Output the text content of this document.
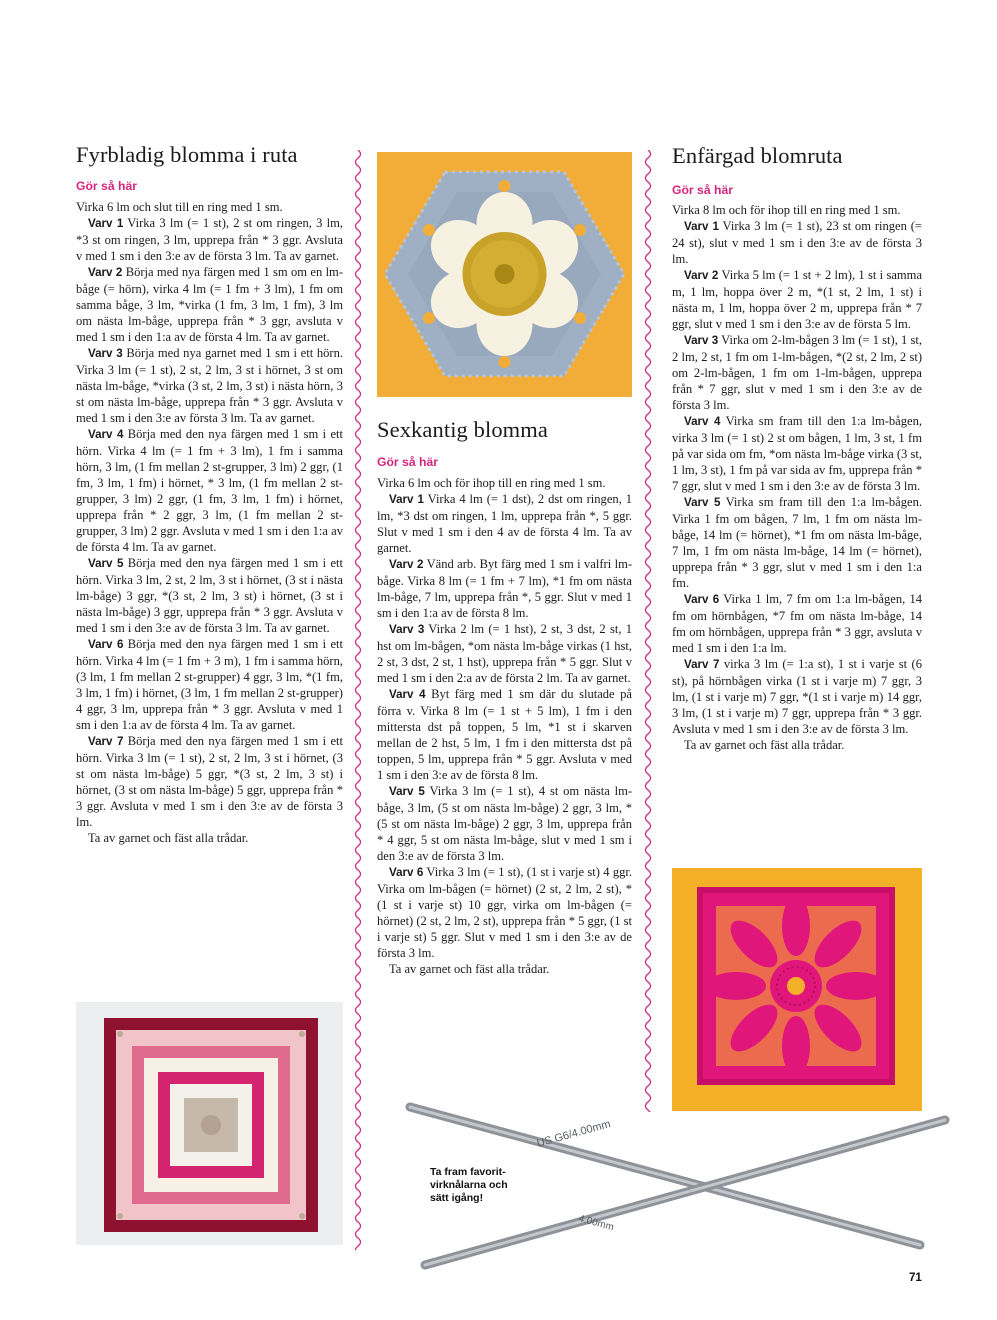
Fyrbladig blomma i ruta

Gör så här

Virka 6 lm och slut till en ring med 1 sm.

Varv 1 Virka 3 lm (= 1 st), 2 st om ringen, 3 lm, *3 st om ringen, 3 lm, upprepa från * 3 ggr. Avsluta v med 1 sm i den 3:e av de första 3 lm. Ta av garnet.

Varv 2 Börja med nya färgen med 1 sm om en lm-båge (= hörn), virka 4 lm (= 1 fm + 3 lm), 1 fm om samma båge, 3 lm, *virka (1 fm, 3 lm, 1 fm), 3 lm om nästa lm-båge, upprepa från * 3 ggr, avsluta v med 1 sm i den 1:a av de första 4 lm. Ta av garnet.

Varv 3 Börja med nya garnet med 1 sm i ett hörn. Virka 3 lm (= 1 st), 2 st, 2 lm, 3 st i hörnet, 3 st om nästa lm-båge, *virka (3 st, 2 lm, 3 st) i nästa hörn, 3 st om nästa lm-båge, upprepa från * 3 ggr. Avsluta v med 1 sm i den 3:e av första 3 lm. Ta av garnet.

Varv 4 Börja med den nya färgen med 1 sm i ett hörn. Virka 4 lm (= 1 fm + 3 lm), 1 fm i samma hörn, 3 lm, (1 fm mellan 2 st-grupper, 3 lm) 2 ggr, (1 fm, 3 lm, 1 fm) i hörnet, * 3 lm, (1 fm mellan 2 st-grupper, 3 lm) 2 ggr, (1 fm, 3 lm, 1 fm) i hörnet, upprepa från * 2 ggr, 3 lm, (1 fm mellan 2 st-grupper, 3 lm) 2 ggr. Avsluta v med 1 sm i den 1:a av de första 4 lm. Ta av garnet.

Varv 5 Börja med den nya färgen med 1 sm i ett hörn. Virka 3 lm, 2 st, 2 lm, 3 st i hörnet, (3 st i nästa lm-båge) 3 ggr, *(3 st, 2 lm, 3 st) i hörnet, (3 st i nästa lm-båge) 3 ggr, upprepa från * 3 ggr. Avsluta v med 1 sm i den 3:e av de första 3 lm. Ta av garnet.

Varv 6 Börja med den nya färgen med 1 sm i ett hörn. Virka 4 lm (= 1 fm + 3 m), 1 fm i samma hörn, (3 lm, 1 fm mellan 2 st-grupper) 4 ggr, 3 lm, *(1 fm, 3 lm, 1 fm) i hörnet, (3 lm, 1 fm mellan 2 st-grupper) 4 ggr, 3 lm, upprepa från * 3 ggr. Avsluta v med 1 sm i den 1:a av de första 4 lm. Ta av garnet.

Varv 7 Börja med den nya färgen med 1 sm i ett hörn. Virka 3 lm (= 1 st), 2 st, 2 lm, 3 st i hörnet, (3 st om nästa lm-båge) 5 ggr, *(3 st, 2 lm, 3 st) i hörnet, (3 st om nästa lm-båge) 5 ggr, upprepa från * 3 ggr. Avsluta v med 1 sm i den 3:e av de första 3 lm.

Ta av garnet och fäst alla trådar.

Sexkantig blomma

Gör så här

Virka 6 lm och för ihop till en ring med 1 sm.

Varv 1 Virka 4 lm (= 1 dst), 2 dst om ringen, 1 lm, *3 dst om ringen, 1 lm, upprepa från *, 5 ggr. Slut v med 1 sm i den 4 av de första 4 lm. Ta av garnet.

Varv 2 Vänd arb. Byt färg med 1 sm i valfri lm-båge. Virka 8 lm (= 1 fm + 7 lm), *1 fm om nästa lm-båge, 7 lm, upprepa från *, 5 ggr. Slut v med 1 sm i den 1:a av de första 8 lm.

Varv 3 Virka 2 lm (= 1 hst), 2 st, 3 dst, 2 st, 1 hst om lm-bågen, *om nästa lm-båge virkas (1 hst, 2 st, 3 dst, 2 st, 1 hst), upprepa från * 5 ggr. Slut v med 1 sm i den 2:a av de första 2 lm. Ta av garnet.

Varv 4 Byt färg med 1 sm där du slutade på förra v. Virka 8 lm (= 1 st + 5 lm), 1 fm i den mittersta dst på toppen, 5 lm, *1 st i skarven mellan de 2 hst, 5 lm, 1 fm i den mittersta dst på toppen, 5 lm, upprepa från * 5 ggr. Avsluta v med 1 sm i den 3:e av de första 8 lm.

Varv 5 Virka 3 lm (= 1 st), 4 st om nästa lm-båge, 3 lm, (5 st om nästa lm-båge) 2 ggr, 3 lm, *(5 st om nästa lm-båge) 2 ggr, 3 lm, upprepa från * 4 ggr, 5 st om nästa lm-båge, slut v med 1 sm i den 3:e av de första 3 lm.

Varv 6 Virka 3 lm (= 1 st), (1 st i varje st) 4 ggr. Virka om lm-bågen (= hörnet) (2 st, 2 lm, 2 st), *(1 st i varje st) 10 ggr, virka om lm-bågen (= hörnet) (2 st, 2 lm, 2 st), upprepa från * 5 ggr, (1 st i varje st) 5 ggr. Slut v med 1 sm i den 3:e av de första 3 lm.

Ta av garnet och fäst alla trådar.

Enfärgad blomruta

Gör så här

Virka 8 lm och för ihop till en ring med 1 sm.

Varv 1 Virka 3 lm (= 1 st), 23 st om ringen (= 24 st), slut v med 1 sm i den 3:e av de första 3 lm.

Varv 2 Virka 5 lm (= 1 st + 2 lm), 1 st i samma m, 1 lm, hoppa över 2 m, *(1 st, 2 lm, 1 st) i nästa m, 1 lm, hoppa över 2 m, upprepa från * 7 ggr, slut v med 1 sm i den 3:e av de första 5 lm.

Varv 3 Virka om 2-lm-bågen 3 lm (= 1 st), 1 st, 2 lm, 2 st, 1 fm om 1-lm-bågen, *(2 st, 2 lm, 2 st) om 2-lm-bågen, 1 fm om 1-lm-bågen, upprepa från * 7 ggr, slut v med 1 sm i den 3:e av de första 3 lm.

Varv 4 Virka sm fram till den 1:a lm-bågen, virka 3 lm (= 1 st) 2 st om bågen, 1 lm, 3 st, 1 fm på var sida om fm, *om nästa lm-båge virka (3 st, 1 lm, 3 st), 1 fm på var sida av fm, upprepa från * 7 ggr, slut v med 1 sm i den 3:e av de första 3 lm.

Varv 5 Virka sm fram till den 1:a lm-bågen. Virka 1 fm om bågen, 7 lm, 1 fm om nästa lm-båge, 14 lm (= hörnet), *1 fm om nästa lm-båge, 7 lm, 1 fm om nästa lm-båge, 14 lm (= hörnet), upprepa från * 3 ggr, slut v med 1 sm i den 1:a fm.

Varv 6 Virka 1 lm, 7 fm om 1:a lm-bågen, 14 fm om hörnbågen, *7 fm om nästa lm-båge, 14 fm om hörnbågen, upprepa från * 3 ggr, avsluta v med 1 sm i den 1:a lm.

Varv 7 virka 3 lm (= 1:a st), 1 st i varje st (6 st), på hörnbågen virka (1 st i varje m) 7 ggr, 3 lm, (1 st i varje m) 7 ggr, *(1 st i varje m) 14 ggr, 3 lm, (1 st i varje m) 7 ggr, upprepa från * 3 ggr. Avsluta v med 1 sm i den 3:e av de första 3 lm.

Ta av garnet och fäst alla trådar.

US G6/4.00mm
4.00mm
Ta fram favorit-
virknålarna och
sätt igång!
71
